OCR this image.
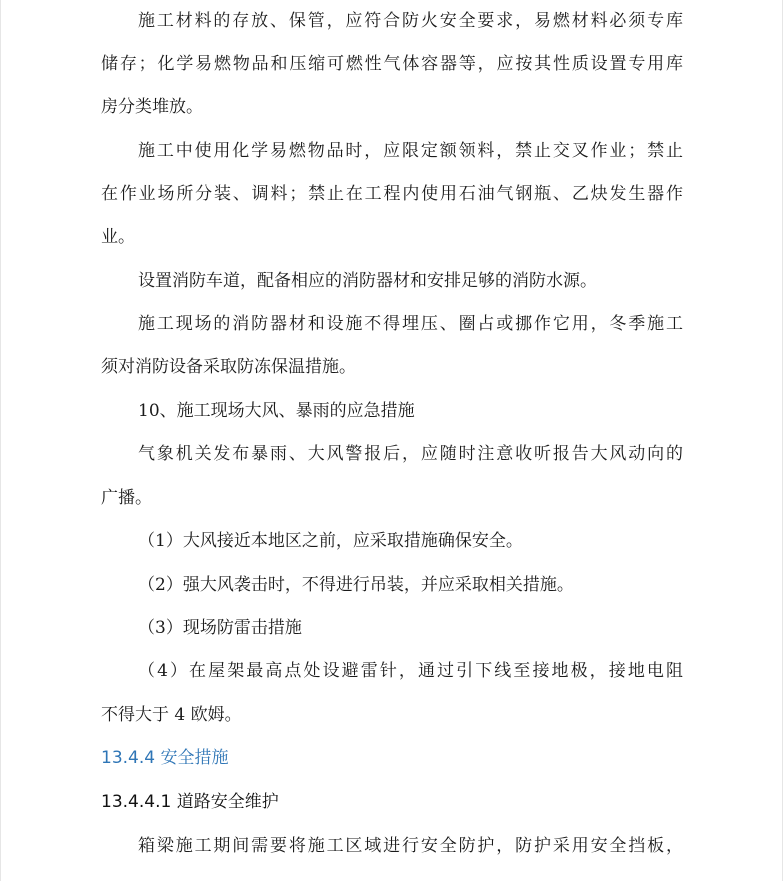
施工材料的存放、保管，应符合防火安全要求，易燃材料必须专库
储存；化学易燃物品和压缩可燃性气体容器等，应按其性质设置专用库
房分类堆放。
施工中使用化学易燃物品时，应限定额领料，禁止交叉作业；禁止
在作业场所分装、调料；禁止在工程内使用石油气钢瓶、乙炔发生器作
业。
设置消防车道，配备相应的消防器材和安排足够的消防水源。
施工现场的消防器材和设施不得埋压、圈占或挪作它用，冬季施工
须对消防设备采取防冻保温措施。
10、施工现场大风、暴雨的应急措施
气象机关发布暴雨、大风警报后，应随时注意收听报告大风动向的
广播。
（1）大风接近本地区之前，应采取措施确保安全。
（2）强大风袭击时，不得进行吊装，并应采取相关措施。
（3）现场防雷击措施
（4）在屋架最高点处设避雷针，通过引下线至接地极，接地电阻
不得大于 4 欧姆。
13.4.4 安全措施
13.4.4.1 道路安全维护
箱梁施工期间需要将施工区域进行安全防护，防护采用安全挡板，
